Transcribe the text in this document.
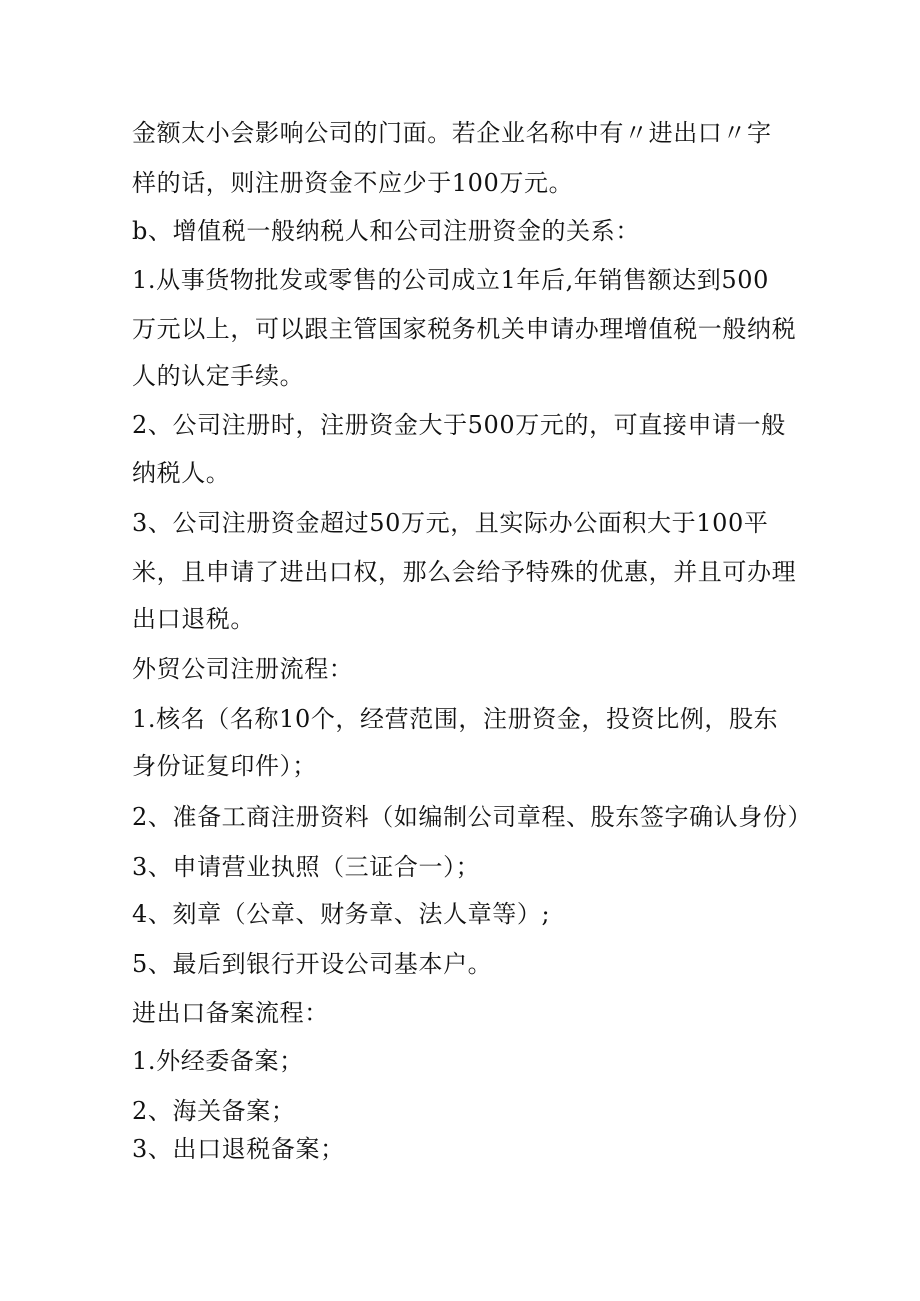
金额太小会影响公司的门面。若企业名称中有〃进出口〃字
样的话，则注册资金不应少于100万元。
b、增值税一般纳税人和公司注册资金的关系：
1.从事货物批发或零售的公司成立1年后,年销售额达到500
万元以上，可以跟主管国家税务机关申请办理增值税一般纳税
人的认定手续。
2、公司注册时，注册资金大于500万元的，可直接申请一般
纳税人。
3、公司注册资金超过50万元，且实际办公面积大于100平
米，且申请了进出口权，那么会给予特殊的优惠，并且可办理
出口退税。
外贸公司注册流程：
1.核名（名称10个，经营范围，注册资金，投资比例，股东
身份证复印件）；
2、准备工商注册资料（如编制公司章程、股东签字确认身份）
3、申请营业执照（三证合一）；
4、刻章（公章、财务章、法人章等）;
5、最后到银行开设公司基本户。
进出口备案流程：
1.外经委备案；
2、海关备案；
3、出口退税备案；
